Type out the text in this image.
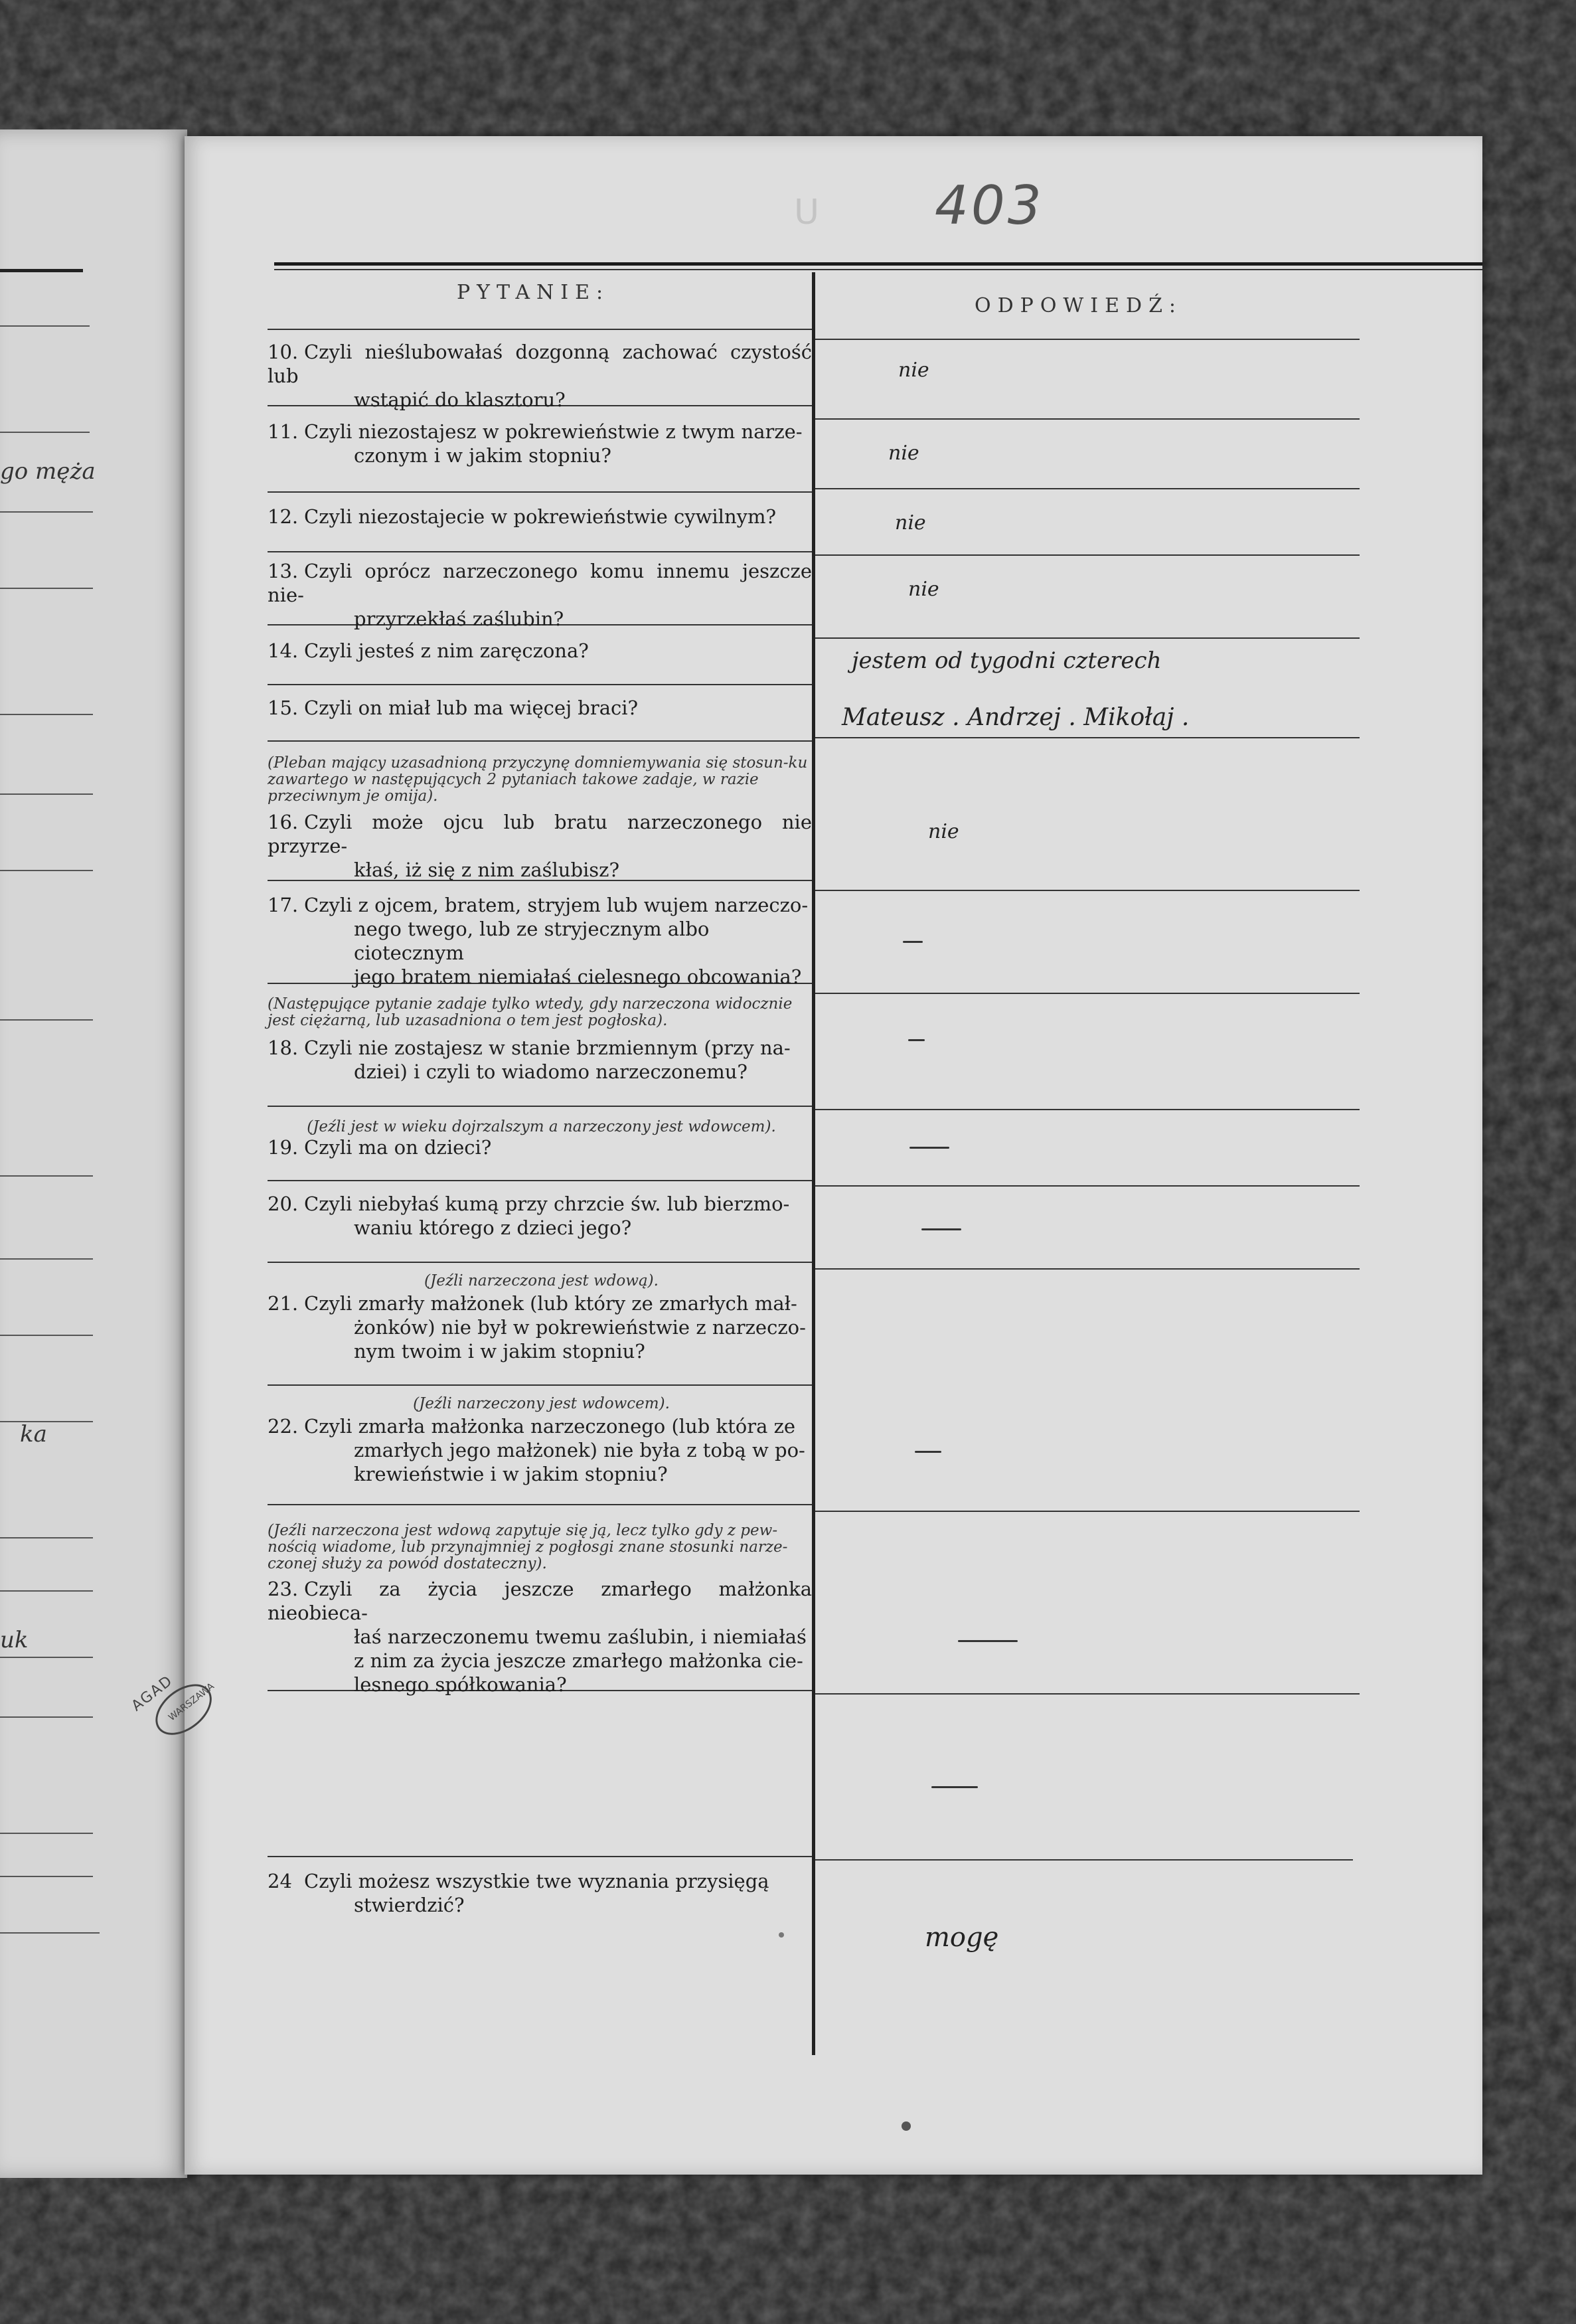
go męża
ka
uk
U 403
PYTANIE:
ODPOWIEDŹ:
10. Czyli nieślubowałaś dozgonną zachować czystość lub
wstąpić do klasztoru?
11. Czyli niezostajesz w pokrewieństwie z twym narze-
czonym i w jakim stopniu?
12. Czyli niezostajecie w pokrewieństwie cywilnym?
13. Czyli oprócz narzeczonego komu innemu jeszcze nie-
przyrzekłaś zaślubin?
14. Czyli jesteś z nim zaręczona?
15. Czyli on miał lub ma więcej braci?
(Pleban mający uzasadnioną przyczynę domniemywania się stosun-ku zawartego w następujących 2 pytaniach takowe zadaje, w razie przeciwnym je omija).
16. Czyli może ojcu lub bratu narzeczonego nie przyrze-
kłaś, iż się z nim zaślubisz?
17. Czyli z ojcem, bratem, stryjem lub wujem narzeczo-
nego twego, lub ze stryjecznym albo ciotecznym
jego bratem niemiałaś cielesnego obcowania?
(Następujące pytanie zadaje tylko wtedy, gdy narzeczona widocznie jest ciężarną, lub uzasadniona o tem jest pogłoska).
18. Czyli nie zostajesz w stanie brzmiennym (przy na-
dziei) i czyli to wiadomo narzeczonemu?
(Jeźli jest w wieku dojrzalszym a narzeczony jest wdowcem).
19. Czyli ma on dzieci?
20. Czyli niebyłaś kumą przy chrzcie św. lub bierzmo-
waniu którego z dzieci jego?
(Jeźli narzeczona jest wdową).
21. Czyli zmarły małżonek (lub który ze zmarłych mał-
żonków) nie był w pokrewieństwie z narzeczo-
nym twoim i w jakim stopniu?
(Jeźli narzeczony jest wdowcem).
22. Czyli zmarła małżonka narzeczonego (lub która ze
zmarłych jego małżonek) nie była z tobą w po-
krewieństwie i w jakim stopniu?
(Jeźli narzeczona jest wdową zapytuje się ją, lecz tylko gdy z pew-nością wiadome, lub przynajmniej z pogłosgi znane stosunki narze-czonej służy za powód dostateczny).
23. Czyli za życia jeszcze zmarłego małżonka nieobieca-
łaś narzeczonemu twemu zaślubin, i niemiałaś
z nim za życia jeszcze zmarłego małżonka cie-
lesnego spółkowania?
24 Czyli możesz wszystkie twe wyznania przysięgą
stwierdzić?
nie
nie
nie
nie
jestem od tygodni czterech
Mateusz . Andrzej . Mikołaj .
nie
mogę
AGAD
WARSZAWA
